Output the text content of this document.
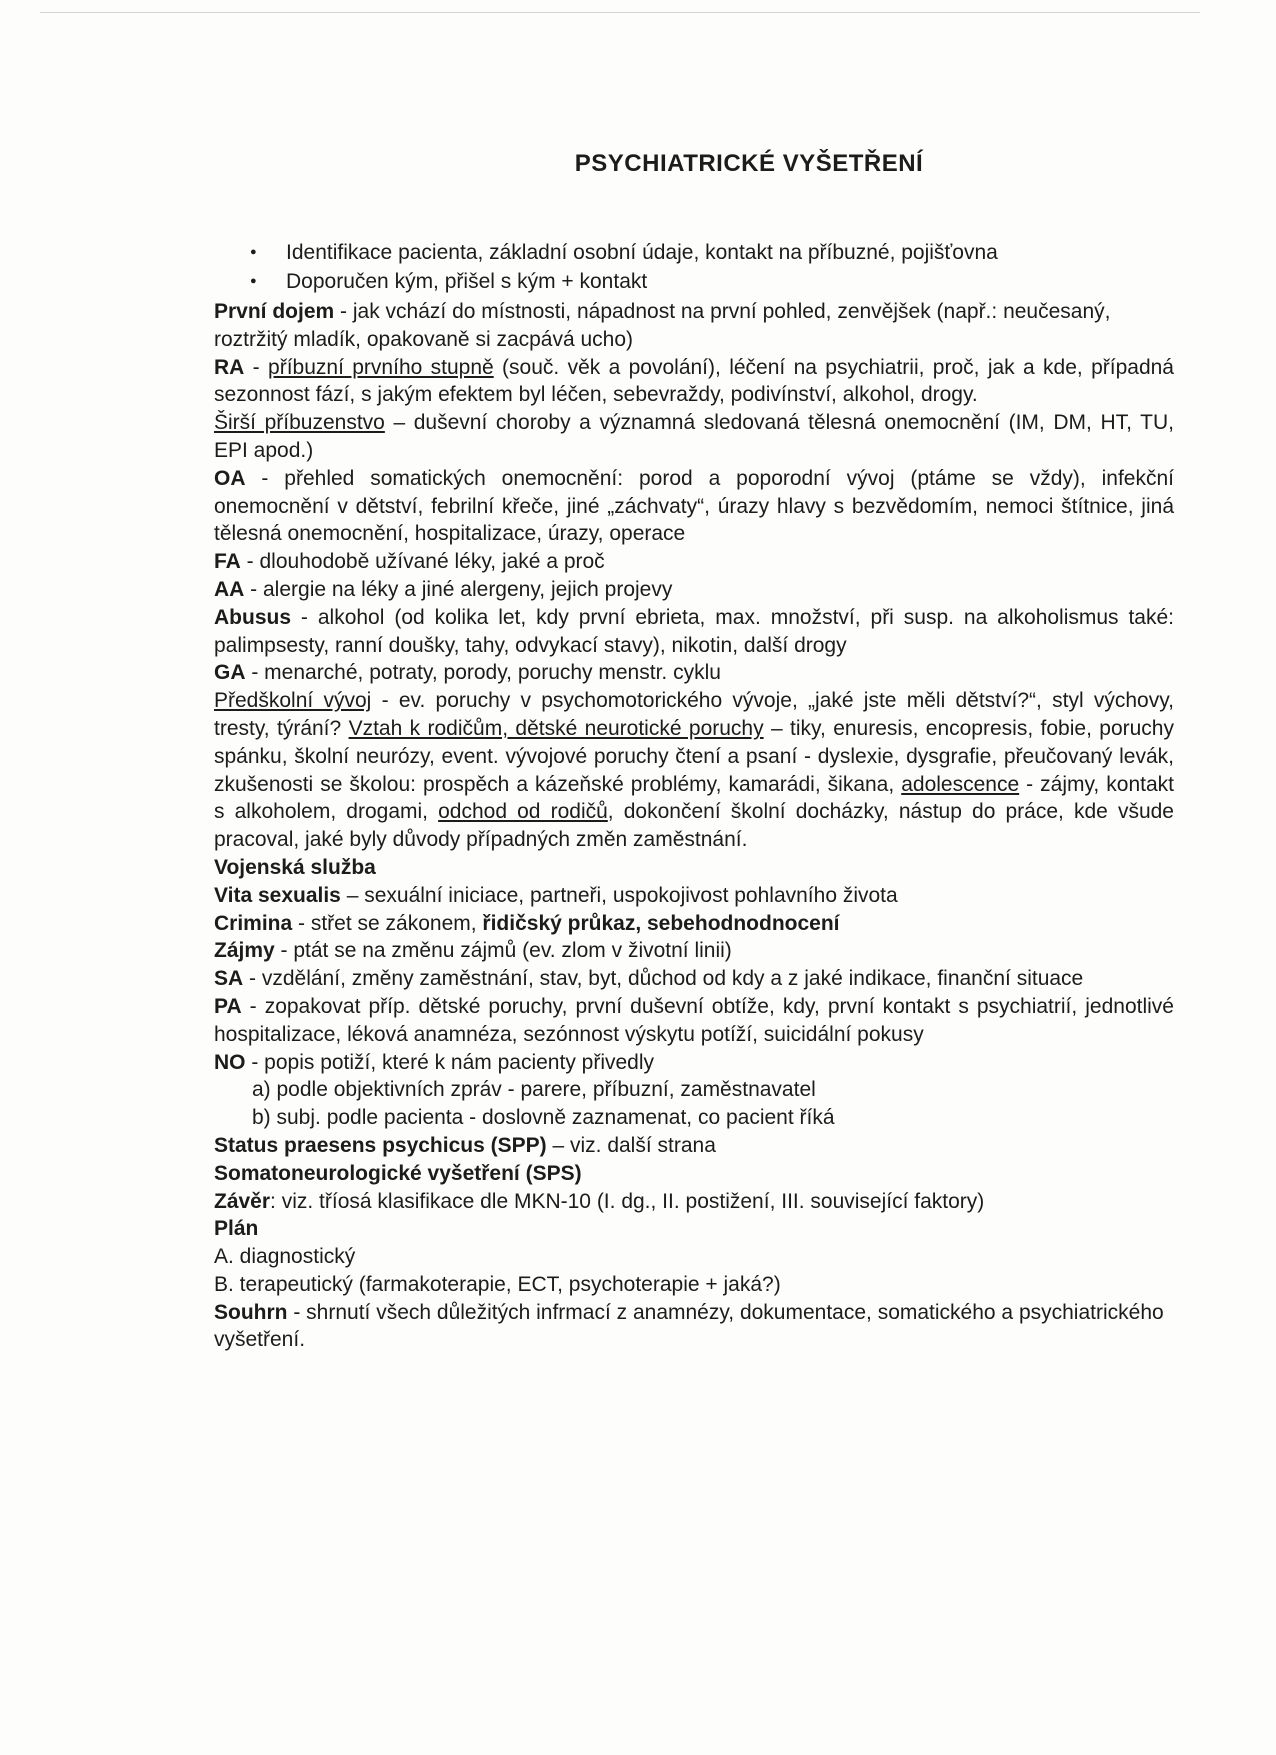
PSYCHIATRICKÉ VYŠETŘENÍ
● Identifikace pacienta, základní osobní údaje, kontakt na příbuzné, pojišťovna
● Doporučen kým, přišel s kým + kontakt

První dojem - jak vchází do místnosti, nápadnost na první pohled, zenvějšek (např.: neučesaný, roztržitý mladík, opakovaně si zacpává ucho)

RA - příbuzní prvního stupně (souč. věk a povolání), léčení na psychiatrii, proč, jak a kde, případná sezonnost fází, s jakým efektem byl léčen, sebevraždy, podivínství, alkohol, drogy.

Širší příbuzenstvo – duševní choroby a významná sledovaná tělesná onemocnění (IM, DM, HT, TU, EPI apod.)

OA - přehled somatických onemocnění: porod a poporodní vývoj (ptáme se vždy), infekční onemocnění v dětství, febrilní křeče, jiné „záchvaty“, úrazy hlavy s bezvědomím, nemoci štítnice, jiná tělesná onemocnění, hospitalizace, úrazy, operace

FA - dlouhodobě užívané léky, jaké a proč

AA - alergie na léky a jiné alergeny, jejich projevy

Abusus - alkohol (od kolika let, kdy první ebrieta, max. množství, při susp. na alkoholismus také: palimpsesty, ranní doušky, tahy, odvykací stavy), nikotin, další drogy

GA - menarché, potraty, porody, poruchy menstr. cyklu

Předškolní vývoj - ev. poruchy v psychomotorického vývoje, „jaké jste měli dětství?“, styl výchovy, tresty, týrání? Vztah k rodičům, dětské neurotické poruchy – tiky, enuresis, encopresis, fobie, poruchy spánku, školní neurózy, event. vývojové poruchy čtení a psaní - dyslexie, dysgrafie, přeučovaný levák, zkušenosti se školou: prospěch a kázeňské problémy, kamarádi, šikana, adolescence - zájmy, kontakt s alkoholem, drogami, odchod od rodičů, dokončení školní docházky, nástup do práce, kde všude pracoval, jaké byly důvody případných změn zaměstnání.

Vojenská služba

Vita sexualis – sexuální iniciace, partneři, uspokojivost pohlavního života

Crimina - střet se zákonem, řidičský průkaz, sebehodnodnocení

Zájmy - ptát se na změnu zájmů (ev. zlom v životní linii)

SA - vzdělání, změny zaměstnání, stav, byt, důchod od kdy a z jaké indikace, finanční situace

PA - zopakovat příp. dětské poruchy, první duševní obtíže, kdy, první kontakt s psychiatrií, jednotlivé hospitalizace, léková anamnéza, sezónnost výskytu potíží, suicidální pokusy

NO - popis potiží, které k nám pacienty přivedly

a) podle objektivních zpráv - parere, příbuzní, zaměstnavatel

b) subj. podle pacienta - doslovně zaznamenat, co pacient říká

Status praesens psychicus (SPP) – viz. další strana

Somatoneurologické vyšetření (SPS)

Závěr: viz. tříosá klasifikace dle MKN-10 (I. dg., II. postižení, III. související faktory)

Plán

A. diagnostický

B. terapeutický (farmakoterapie, ECT, psychoterapie + jaká?)

Souhrn - shrnutí všech důležitých infrmací z anamnézy, dokumentace, somatického a psychiatrického vyšetření.
